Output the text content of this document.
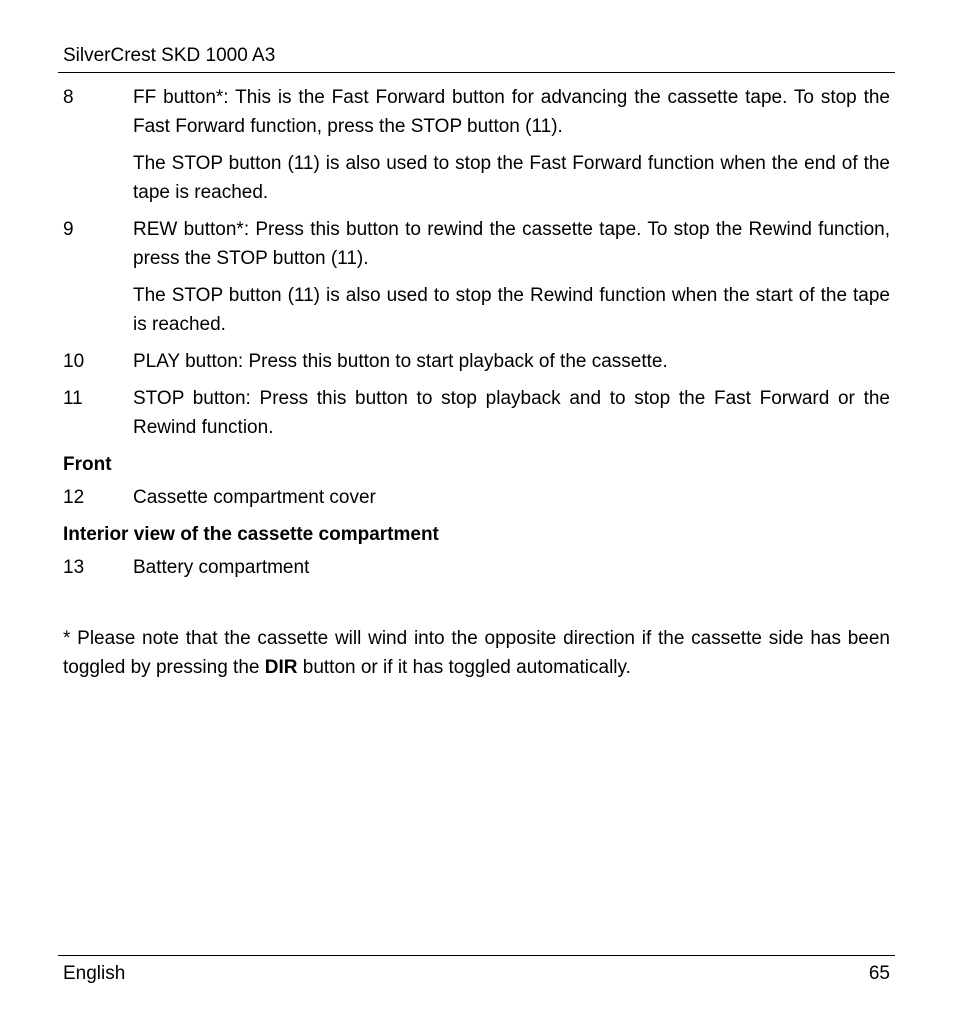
SilverCrest SKD 1000 A3
8	FF button*: This is the Fast Forward button for advancing the cassette tape. To stop the Fast Forward function, press the STOP button (11).

The STOP button (11) is also used to stop the Fast Forward function when the end of the tape is reached.

9	REW button*: Press this button to rewind the cassette tape. To stop the Rewind function, press the STOP button (11).

The STOP button (11) is also used to stop the Rewind function when the start of the tape is reached.

10	PLAY button: Press this button to start playback of the cassette.

11	STOP button: Press this button to stop playback and to stop the Fast Forward or the Rewind function.

Front
12	Cassette compartment cover

Interior view of the cassette compartment
13	Battery compartment

* Please note that the cassette will wind into the opposite direction if the cassette side has been toggled by pressing the DIR button or if it has toggled automatically.

English	65
